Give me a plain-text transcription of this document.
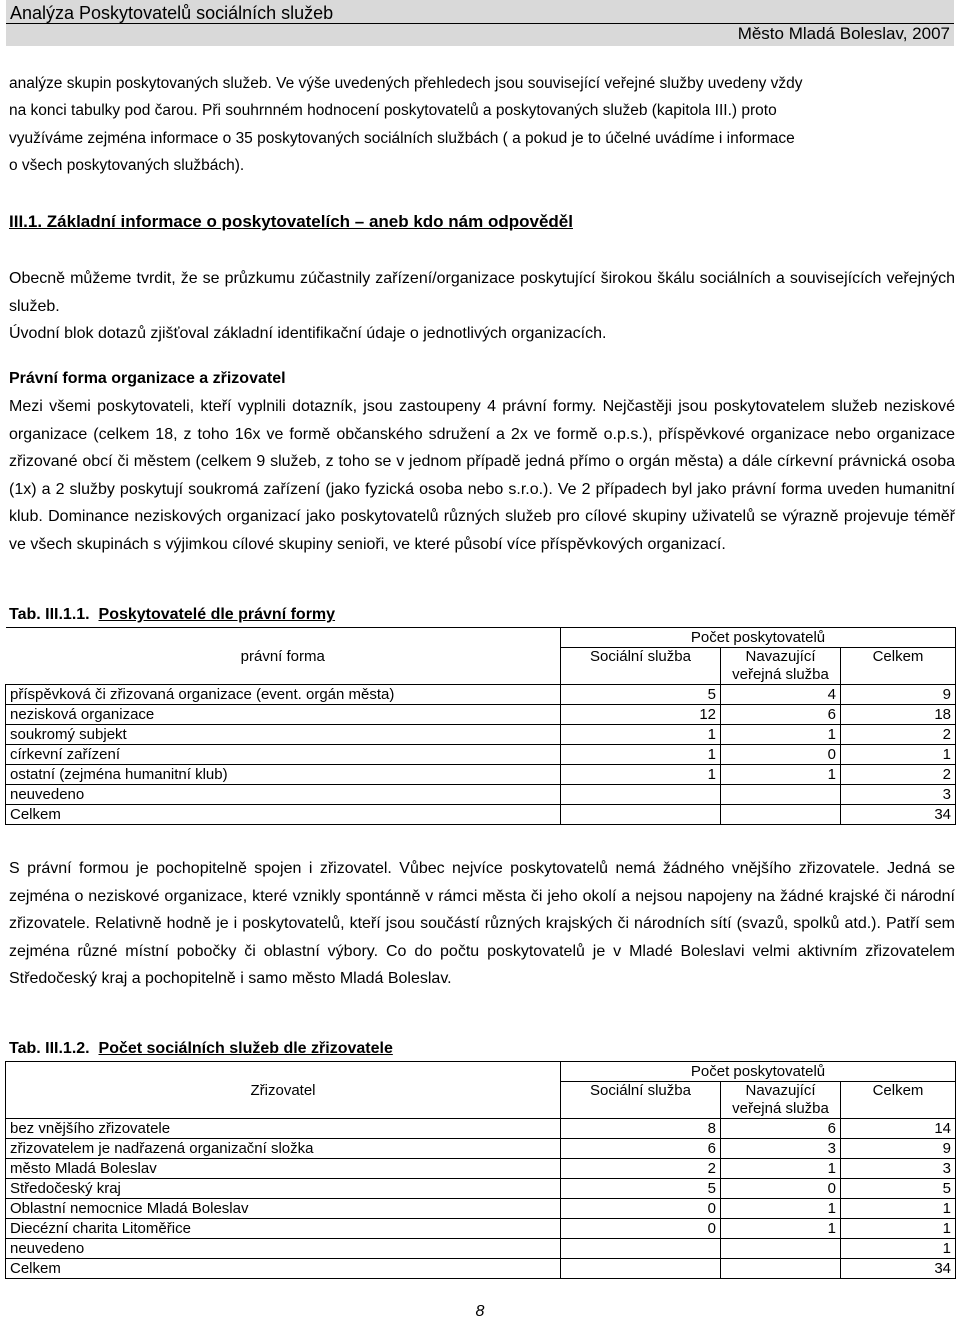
Analýza Poskytovatelů sociálních služeb
Město Mladá Boleslav, 2007

analýze skupin poskytovaných služeb. Ve výše uvedených přehledech jsou související veřejné služby uvedeny vždy

na konci tabulky pod čarou. Při souhrnném hodnocení poskytovatelů a poskytovaných služeb (kapitola III.) proto

využíváme zejména informace o 35 poskytovaných sociálních službách ( a pokud je to účelné uvádíme i informace

o všech poskytovaných službách).

III.1. Základní informace o poskytovatelích – aneb kdo nám odpověděl

Obecně můžeme tvrdit, že se průzkumu zúčastnily zařízení/organizace poskytující širokou škálu sociálních a souvisejících veřejných služeb.

Úvodní blok dotazů zjišťoval základní identifikační údaje o jednotlivých organizacích.

Právní forma organizace a zřizovatel

Mezi všemi poskytovateli, kteří vyplnili dotazník, jsou zastoupeny 4 právní formy. Nejčastěji jsou poskytovatelem služeb neziskové organizace (celkem 18, z toho 16x ve formě občanského sdružení a 2x ve formě o.p.s.), příspěvkové organizace nebo organizace zřizované obcí či městem (celkem 9 služeb, z toho se v jednom případě jedná přímo o orgán města) a dále církevní právnická osoba (1x) a 2 služby poskytují soukromá zařízení (jako fyzická osoba nebo s.r.o.). Ve 2 případech byl jako právní forma uveden humanitní klub. Dominance neziskových organizací jako poskytovatelů různých služeb pro cílové skupiny uživatelů se výrazně projevuje téměř ve všech skupinách s výjimkou cílové skupiny senioři, ve které působí více příspěvkových organizací.

Tab. III.1.1. Poskytovatelé dle právní formy

právní forma	Počet poskytovatelů		
	Sociální služba	Navazující veřejná služba	Celkem
příspěvková či zřizovaná organizace (event. orgán města)	5	4	9
nezisková organizace	12	6	18
soukromý subjekt	1	1	2
církevní zařízení	1	0	1
ostatní (zejména humanitní klub)	1	1	2
neuvedeno			3
Celkem			34

S právní formou je pochopitelně spojen i zřizovatel. Vůbec nejvíce poskytovatelů nemá žádného vnějšího zřizovatele. Jedná se zejména o neziskové organizace, které vznikly spontánně v rámci města či jeho okolí a nejsou napojeny na žádné krajské či národní zřizovatele. Relativně hodně je i poskytovatelů, kteří jsou součástí různých krajských či národních sítí (svazů, spolků atd.). Patří sem zejména různé místní pobočky či oblastní výbory. Co do počtu poskytovatelů je v Mladé Boleslavi velmi aktivním zřizovatelem Středočeský kraj a pochopitelně i samo město Mladá Boleslav.

Tab. III.1.2. Počet sociálních služeb dle zřizovatele

Zřizovatel	Počet poskytovatelů		
	Sociální služba	Navazující veřejná služba	Celkem
bez vnějšího zřizovatele	8	6	14
zřizovatelem je nadřazená organizační složka	6	3	9
město Mladá Boleslav	2	1	3
Středočeský kraj	5	0	5
Oblastní nemocnice Mladá Boleslav	0	1	1
Diecézní charita Litoměřice	0	1	1
neuvedeno			1
Celkem			34
8
